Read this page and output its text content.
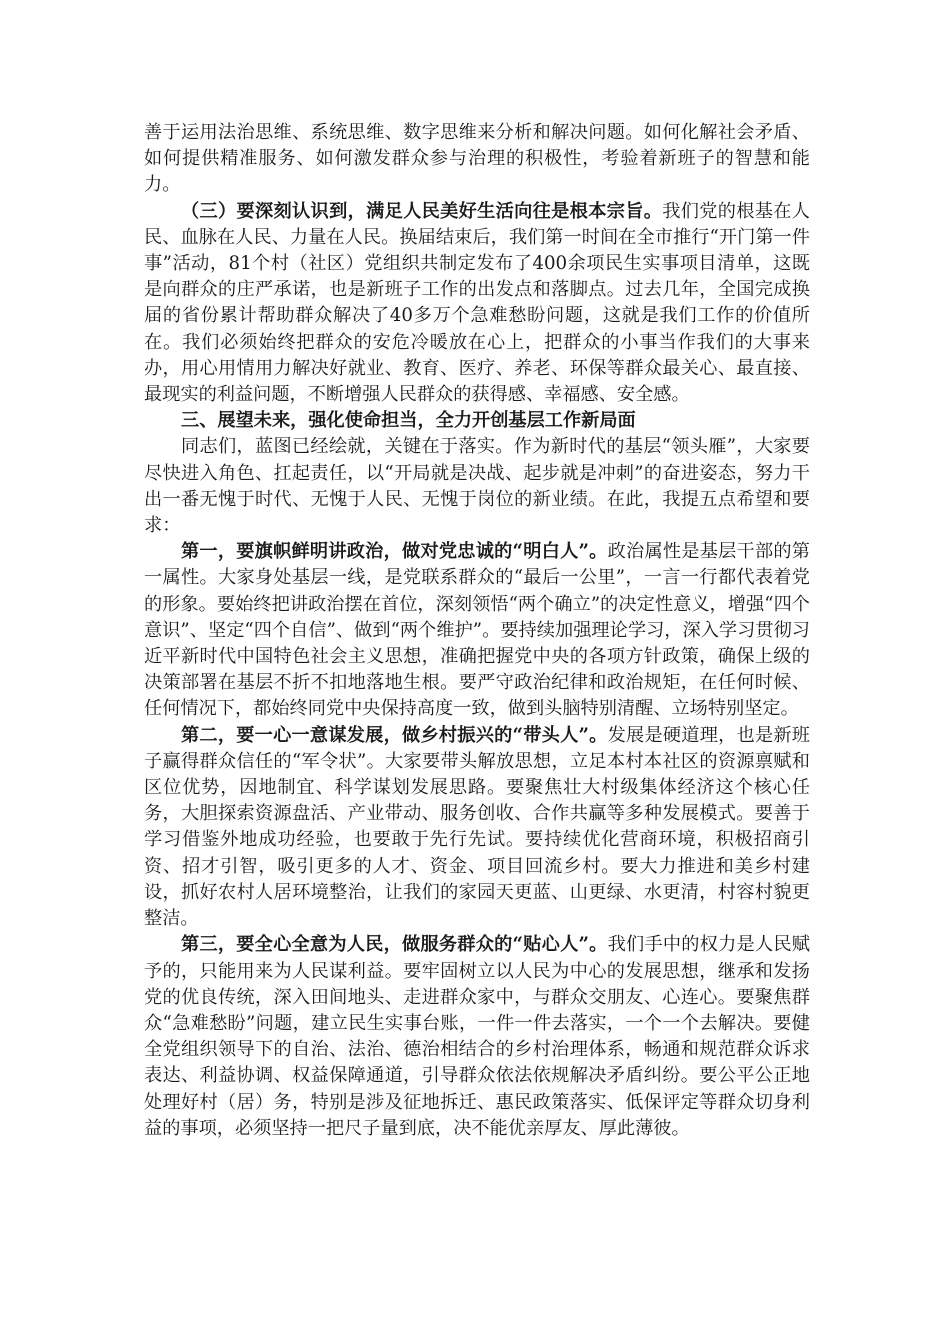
善于运用法治思维、系统思维、数字思维来分析和解决问题。如何化解社会矛盾、如何提供精准服务、如何激发群众参与治理的积极性，考验着新班子的智慧和能力。

（三）要深刻认识到，满足人民美好生活向往是根本宗旨。我们党的根基在人民、血脉在人民、力量在人民。换届结束后，我们第一时间在全市推行“开门第一件事”活动，81个村（社区）党组织共制定发布了400余项民生实事项目清单，这既是向群众的庄严承诺，也是新班子工作的出发点和落脚点。过去几年，全国完成换届的省份累计帮助群众解决了40多万个急难愁盼问题，这就是我们工作的价值所在。我们必须始终把群众的安危冷暖放在心上，把群众的小事当作我们的大事来办，用心用情用力解决好就业、教育、医疗、养老、环保等群众最关心、最直接、最现实的利益问题，不断增强人民群众的获得感、幸福感、安全感。

三、展望未来，强化使命担当，全力开创基层工作新局面

同志们，蓝图已经绘就，关键在于落实。作为新时代的基层“领头雁”，大家要尽快进入角色、扛起责任，以“开局就是决战、起步就是冲刺”的奋进姿态，努力干出一番无愧于时代、无愧于人民、无愧于岗位的新业绩。在此，我提五点希望和要求：

第一，要旗帜鲜明讲政治，做对党忠诚的“明白人”。政治属性是基层干部的第一属性。大家身处基层一线，是党联系群众的“最后一公里”，一言一行都代表着党的形象。要始终把讲政治摆在首位，深刻领悟“两个确立”的决定性意义，增强“四个意识”、坚定“四个自信”、做到“两个维护”。要持续加强理论学习，深入学习贯彻习近平新时代中国特色社会主义思想，准确把握党中央的各项方针政策，确保上级的决策部署在基层不折不扣地落地生根。要严守政治纪律和政治规矩，在任何时候、任何情况下，都始终同党中央保持高度一致，做到头脑特别清醒、立场特别坚定。

第二，要一心一意谋发展，做乡村振兴的“带头人”。发展是硬道理，也是新班子赢得群众信任的“军令状”。大家要带头解放思想，立足本村本社区的资源禀赋和区位优势，因地制宜、科学谋划发展思路。要聚焦壮大村级集体经济这个核心任务，大胆探索资源盘活、产业带动、服务创收、合作共赢等多种发展模式。要善于学习借鉴外地成功经验，也要敢于先行先试。要持续优化营商环境，积极招商引资、招才引智，吸引更多的人才、资金、项目回流乡村。要大力推进和美乡村建设，抓好农村人居环境整治，让我们的家园天更蓝、山更绿、水更清，村容村貌更整洁。

第三，要全心全意为人民，做服务群众的“贴心人”。我们手中的权力是人民赋予的，只能用来为人民谋利益。要牢固树立以人民为中心的发展思想，继承和发扬党的优良传统，深入田间地头、走进群众家中，与群众交朋友、心连心。要聚焦群众“急难愁盼”问题，建立民生实事台账，一件一件去落实，一个一个去解决。要健全党组织领导下的自治、法治、德治相结合的乡村治理体系，畅通和规范群众诉求表达、利益协调、权益保障通道，引导群众依法依规解决矛盾纠纷。要公平公正地处理好村（居）务，特别是涉及征地拆迁、惠民政策落实、低保评定等群众切身利益的事项，必须坚持一把尺子量到底，决不能优亲厚友、厚此薄彼。
